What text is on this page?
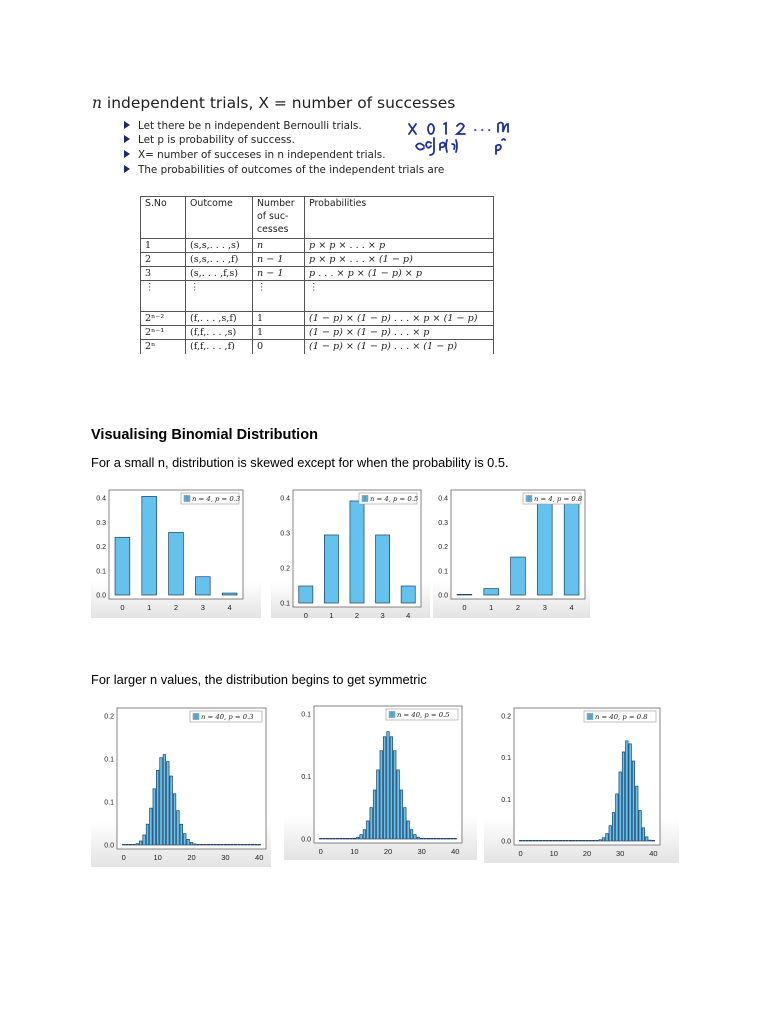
n independent trials, X = number of successes
Let there be n independent Bernoulli trials.
Let p is probability of success.
X= number of succeses in n independent trials.
The probabilities of outcomes of the independent trials are
S.No	Outcome	Number of suc-cesses	Probabilities
1	(s,s,. . . ,s)	n	p × p × . . . × p
2	(s,s,. . . ,f)	n − 1	p × p × . . . × (1 − p)
3	(s,. . . ,f,s)	n − 1	p . . . × p × (1 − p) × p
⋮	⋮	⋮	⋮
2ⁿ⁻²	(f,. . . ,s,f)	1	(1 − p) × (1 − p) . . . × p × (1 − p)
2ⁿ⁻¹	(f,f,. . . ,s)	1	(1 − p) × (1 − p) . . . × p
2ⁿ	(f,f,. . . ,f)	0	(1 − p) × (1 − p) . . . × (1 − p)
Visualising Binomial Distribution
For a small n, distribution is skewed except for when the probability is 0.5.
0.0
0.1
0.2
0.3
0.4
0	1	2	3	4
n = 4, p = 0.3
0.1
0.2
0.3
0.4
0	1	2	3	4
n = 4, p = 0.5
0.0
0.1
0.2
0.3
0.4
0	1	2	3	4
n = 4, p = 0.8
For larger n values, the distribution begins to get symmetric
0.0
0.1
0.1
0.2
0	10	20	30	40
n = 40, p = 0.3
0.0
0.1
0.1
0	10	20	30	40
n = 40, p = 0.5
0.0
0.1
0.1
0.2
0	10	20	30	40
n = 40, p = 0.8
